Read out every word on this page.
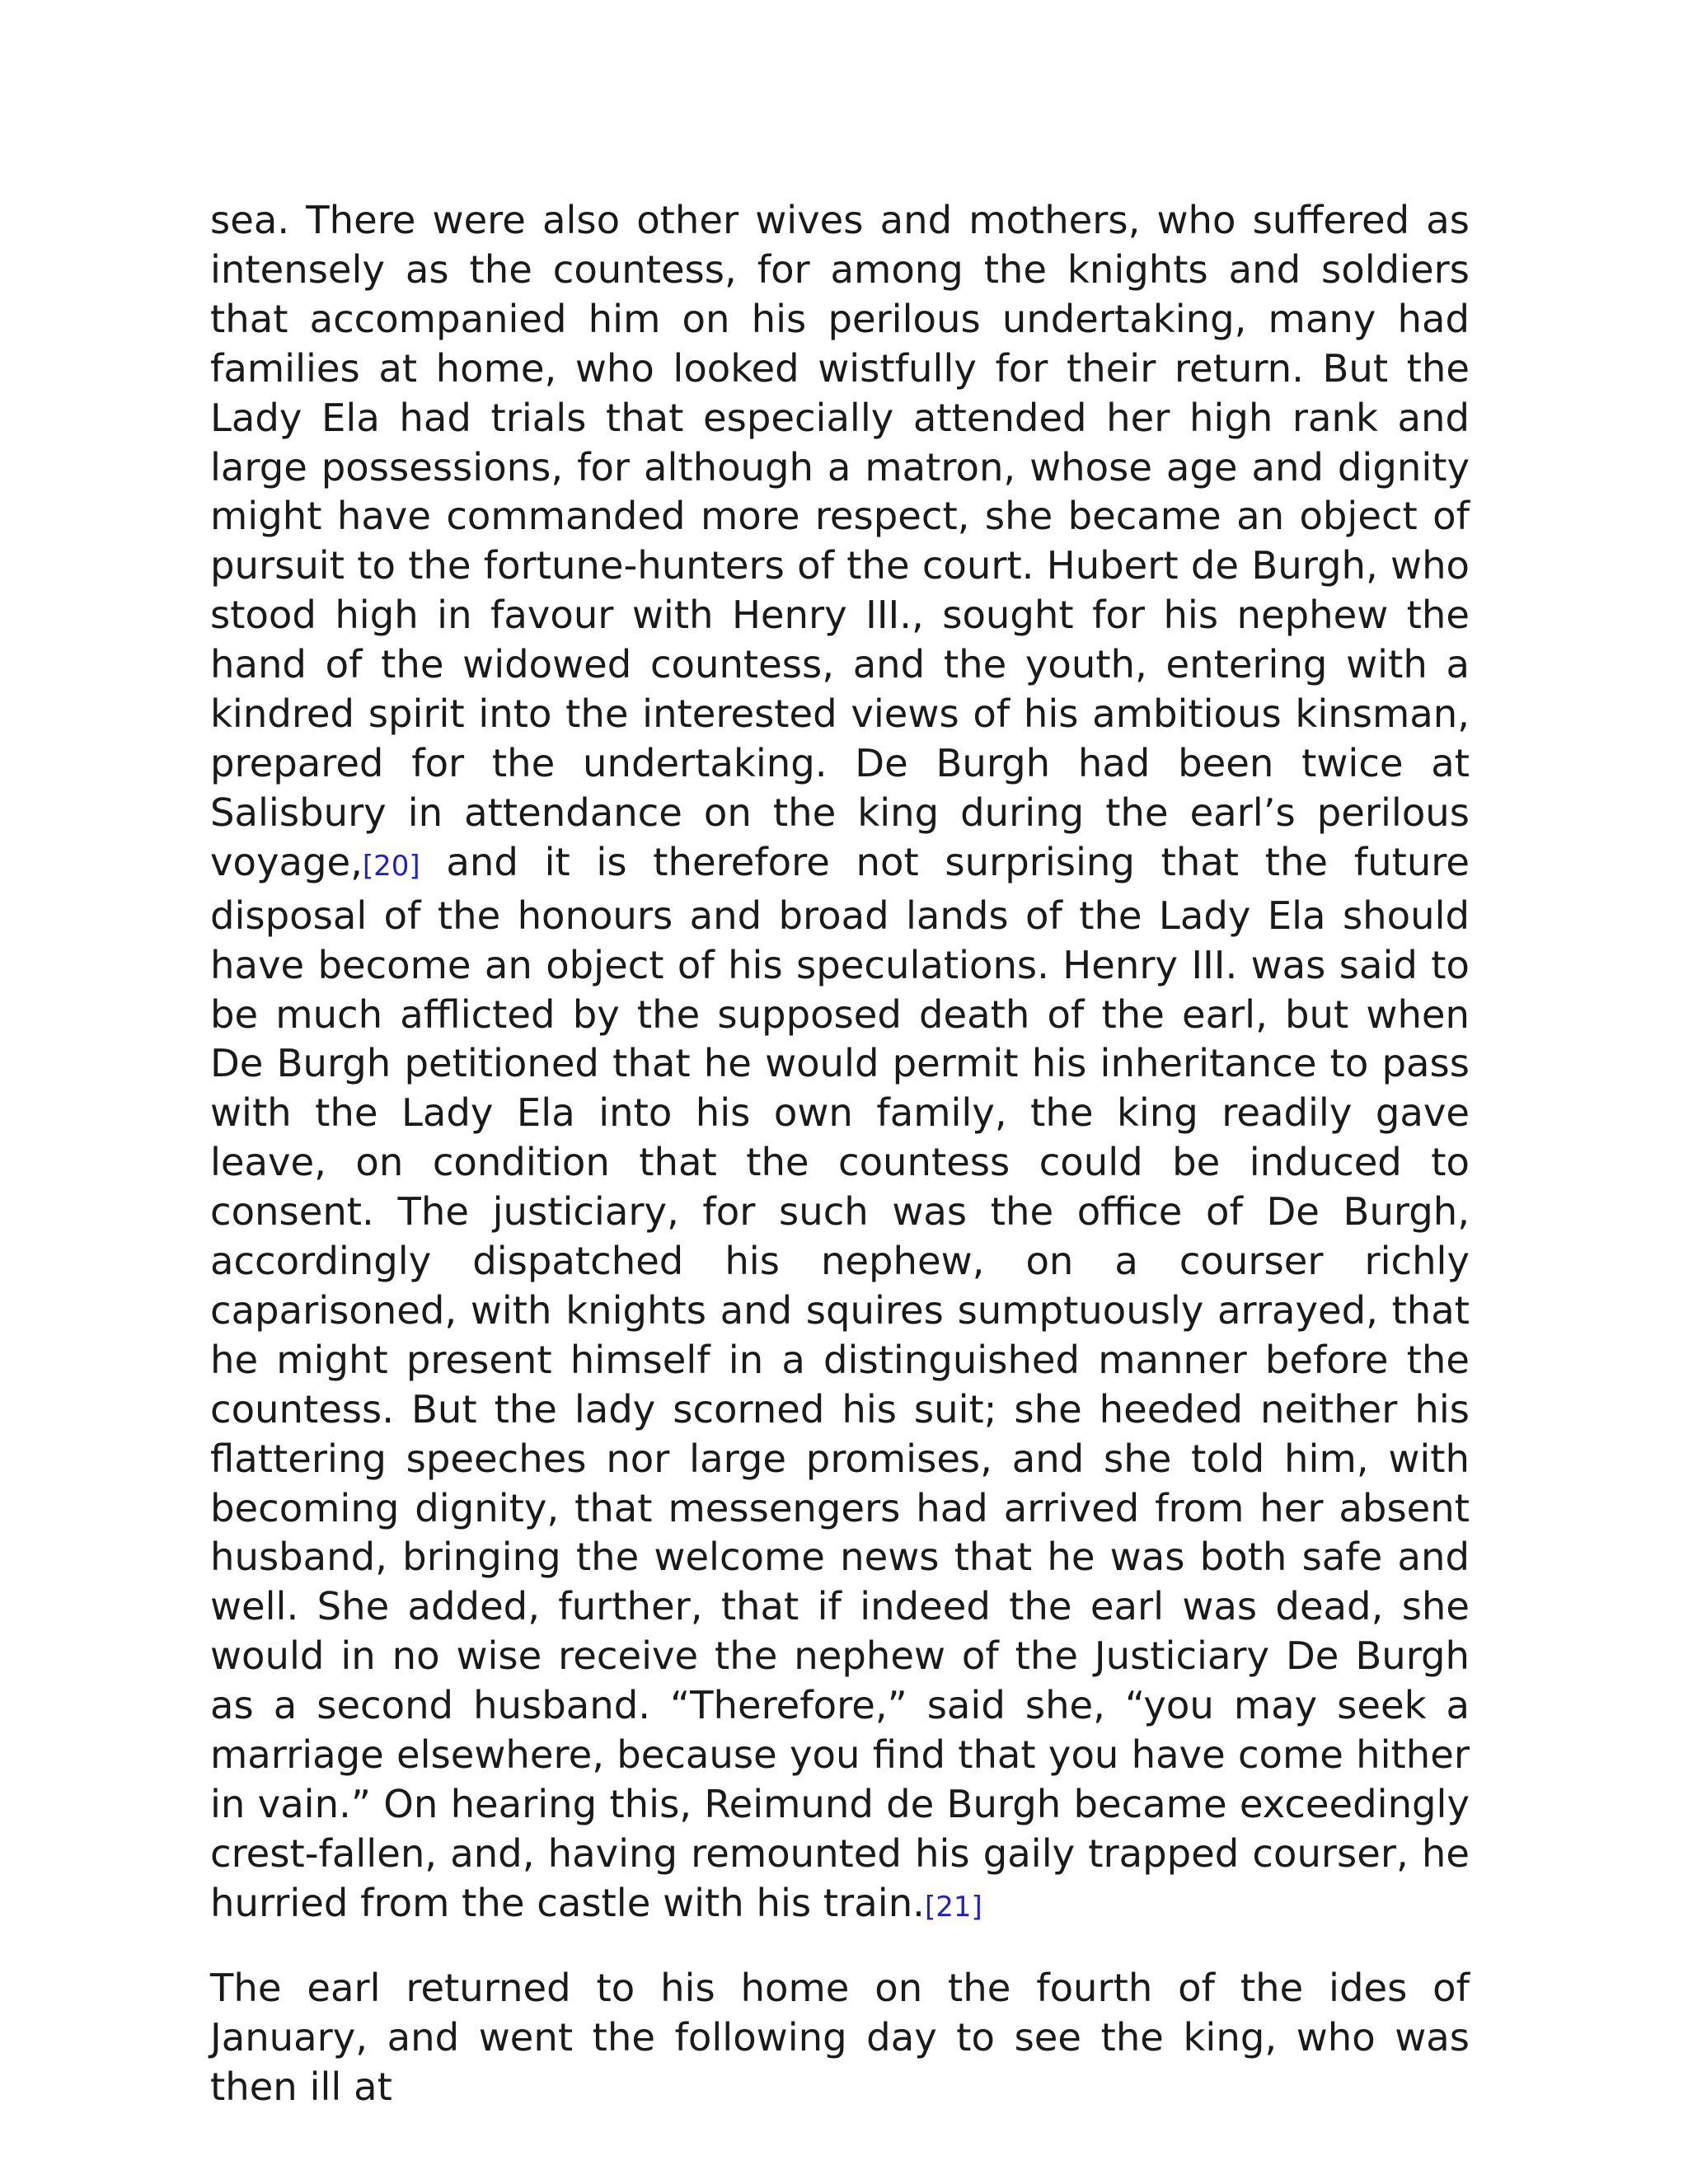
sea. There were also other wives and mothers, who suffered as intensely as the countess, for among the knights and soldiers that accompanied him on his perilous undertaking, many had families at home, who looked wistfully for their return. But the Lady Ela had trials that especially attended her high rank and large possessions, for although a matron, whose age and dignity might have commanded more respect, she became an object of pursuit to the fortune-hunters of the court. Hubert de Burgh, who stood high in favour with Henry III., sought for his nephew the hand of the widowed countess, and the youth, entering with a kindred spirit into the interested views of his ambitious kinsman, prepared for the undertaking. De Burgh had been twice at Salisbury in attendance on the king during the earl’s perilous voyage,[20] and it is therefore not surprising that the future disposal of the honours and broad lands of the Lady Ela should have become an object of his speculations. Henry III. was said to be much afflicted by the supposed death of the earl, but when De Burgh petitioned that he would permit his inheritance to pass with the Lady Ela into his own family, the king readily gave leave, on condition that the countess could be induced to consent. The justiciary, for such was the office of De Burgh, accordingly dispatched his nephew, on a courser richly caparisoned, with knights and squires sumptuously arrayed, that he might present himself in a distinguished manner before the countess. But the lady scorned his suit; she heeded neither his flattering speeches nor large promises, and she told him, with becoming dignity, that messengers had arrived from her absent husband, bringing the welcome news that he was both safe and well. She added, further, that if indeed the earl was dead, she would in no wise receive the nephew of the Justiciary De Burgh as a second husband. “Therefore,” said she, “you may seek a marriage elsewhere, because you find that you have come hither in vain.” On hearing this, Reimund de Burgh became exceedingly crest-fallen, and, having remounted his gaily trapped courser, he hurried from the castle with his train.[21]

The earl returned to his home on the fourth of the ides of January, and went the following day to see the king, who was then ill at
